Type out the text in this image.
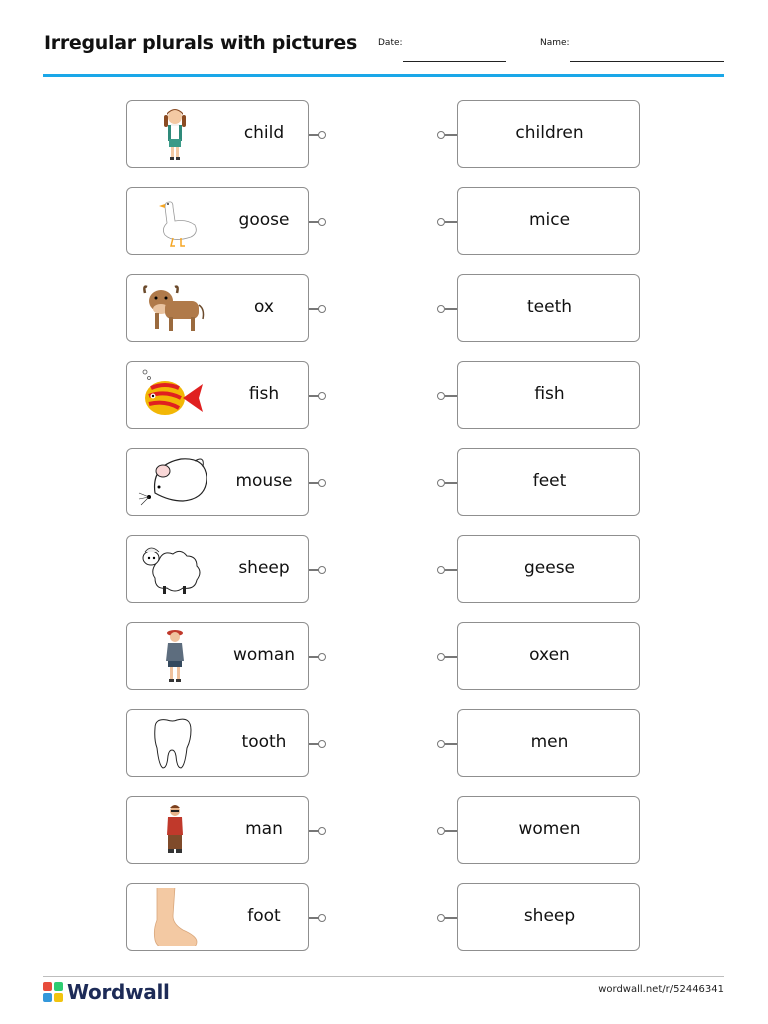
Irregular plurals with pictures Date:	Name:
child	children
goose	mice
ox	teeth
fish	fish
mouse	feet
sheep	geese
woman	oxen
tooth	men
man	women
foot	sheep
Wordwall	wordwall.net/r/52446341
